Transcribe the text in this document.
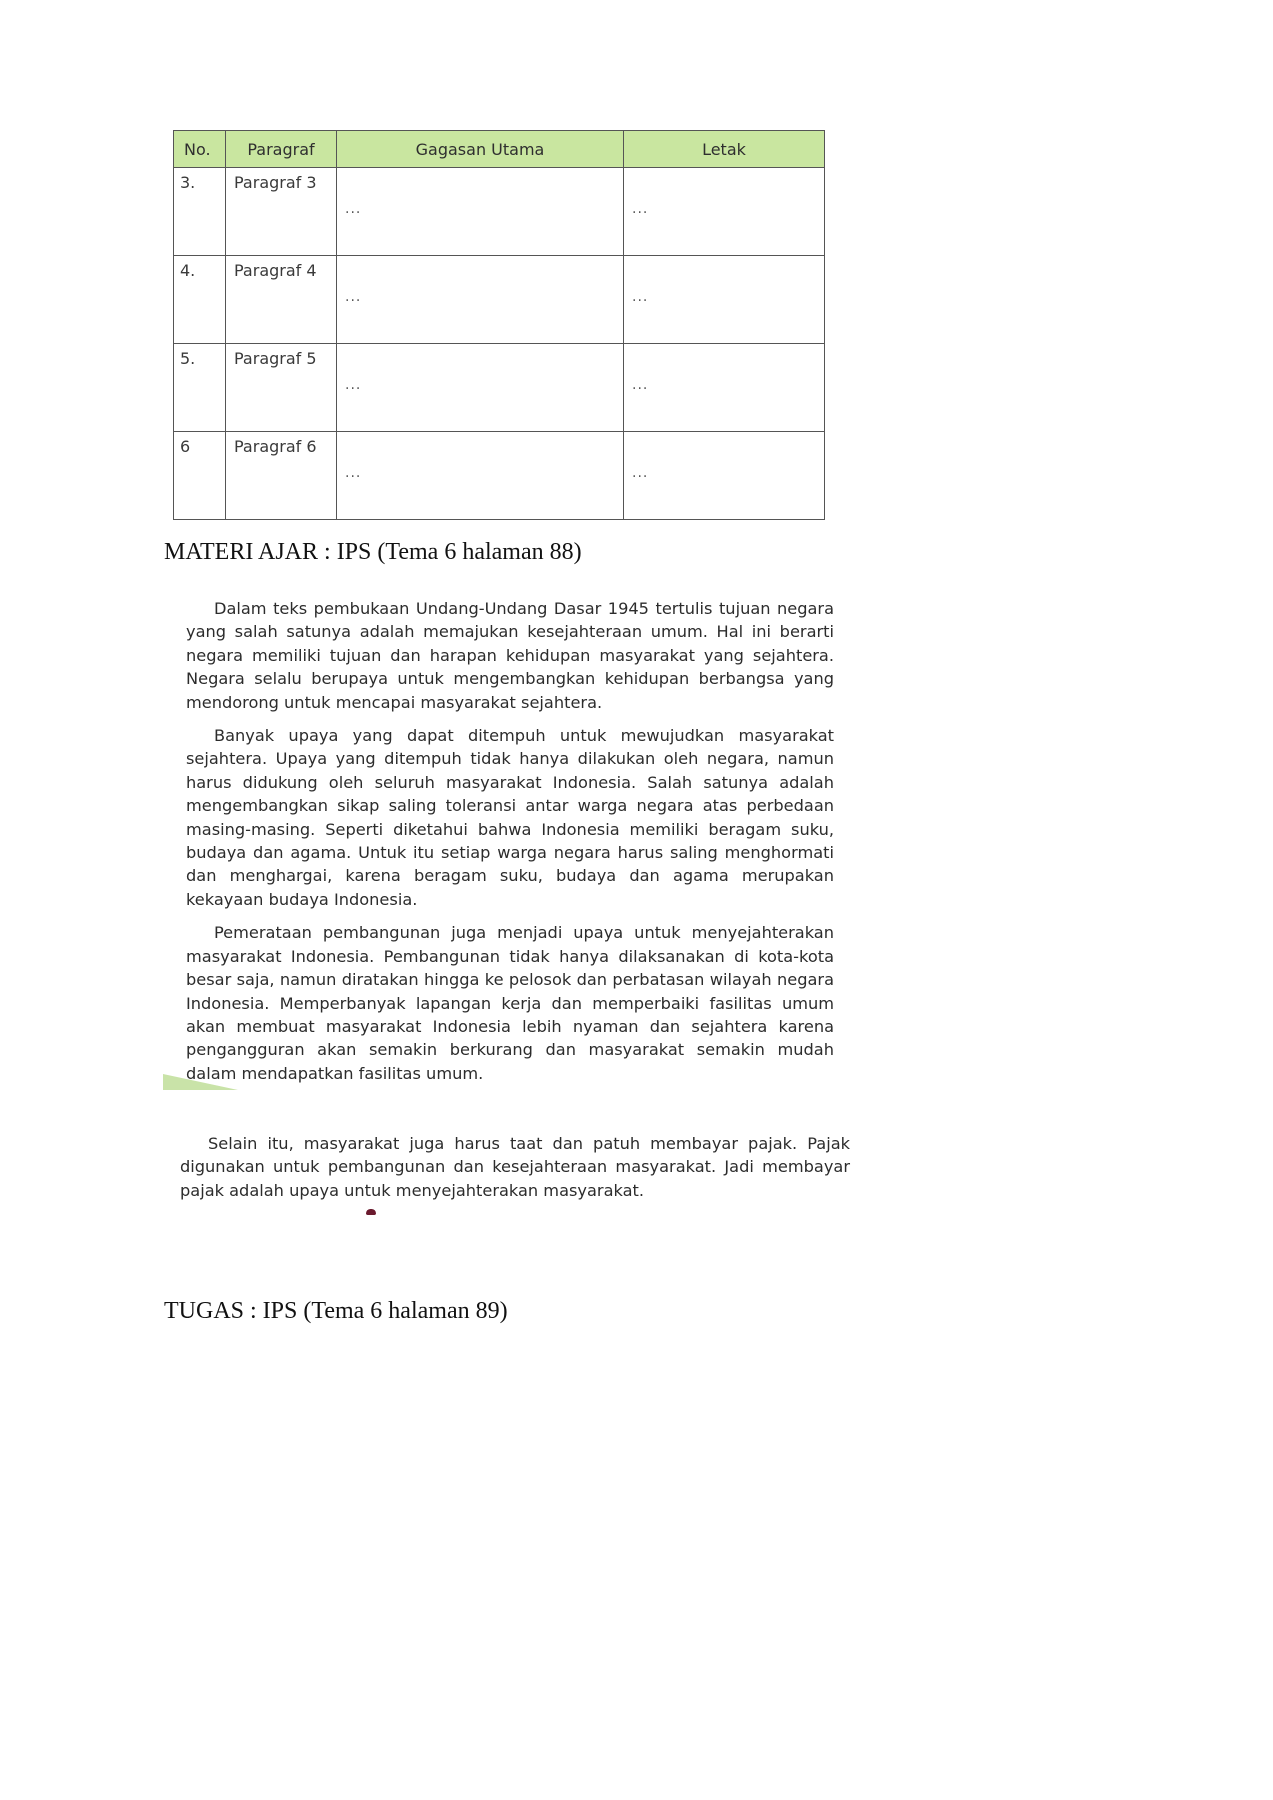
No.	Paragraf	Gagasan Utama	Letak
3.	Paragraf 3	...	...

4.	Paragraf 4	...	...

5.	Paragraf 5	...	...

6	Paragraf 6	...	...
MATERI AJAR : IPS (Tema 6 halaman 88)

Dalam teks pembukaan Undang-Undang Dasar 1945 tertulis tujuan negara yang salah satunya adalah memajukan kesejahteraan umum. Hal ini berarti negara memiliki tujuan dan harapan kehidupan masyarakat yang sejahtera. Negara selalu berupaya untuk mengembangkan kehidupan berbangsa yang mendorong untuk mencapai masyarakat sejahtera.

Banyak upaya yang dapat ditempuh untuk mewujudkan masyarakat sejahtera. Upaya yang ditempuh tidak hanya dilakukan oleh negara, namun harus didukung oleh seluruh masyarakat Indonesia. Salah satunya adalah mengembangkan sikap saling toleransi antar warga negara atas perbedaan masing-masing. Seperti diketahui bahwa Indonesia memiliki beragam suku, budaya dan agama. Untuk itu setiap warga negara harus saling menghormati dan menghargai, karena beragam suku, budaya dan agama merupakan kekayaan budaya Indonesia.

Pemerataan pembangunan juga menjadi upaya untuk menyejahterakan masyarakat Indonesia. Pembangunan tidak hanya dilaksanakan di kota-kota besar saja, namun diratakan hingga ke pelosok dan perbatasan wilayah negara Indonesia. Memperbanyak lapangan kerja dan memperbaiki fasilitas umum akan membuat masyarakat Indonesia lebih nyaman dan sejahtera karena pengangguran akan semakin berkurang dan masyarakat semakin mudah dalam mendapatkan fasilitas umum.

Selain itu, masyarakat juga harus taat dan patuh membayar pajak. Pajak digunakan untuk pembangunan dan kesejahteraan masyarakat. Jadi membayar pajak adalah upaya untuk menyejahterakan masyarakat.

TUGAS : IPS (Tema 6 halaman 89)
